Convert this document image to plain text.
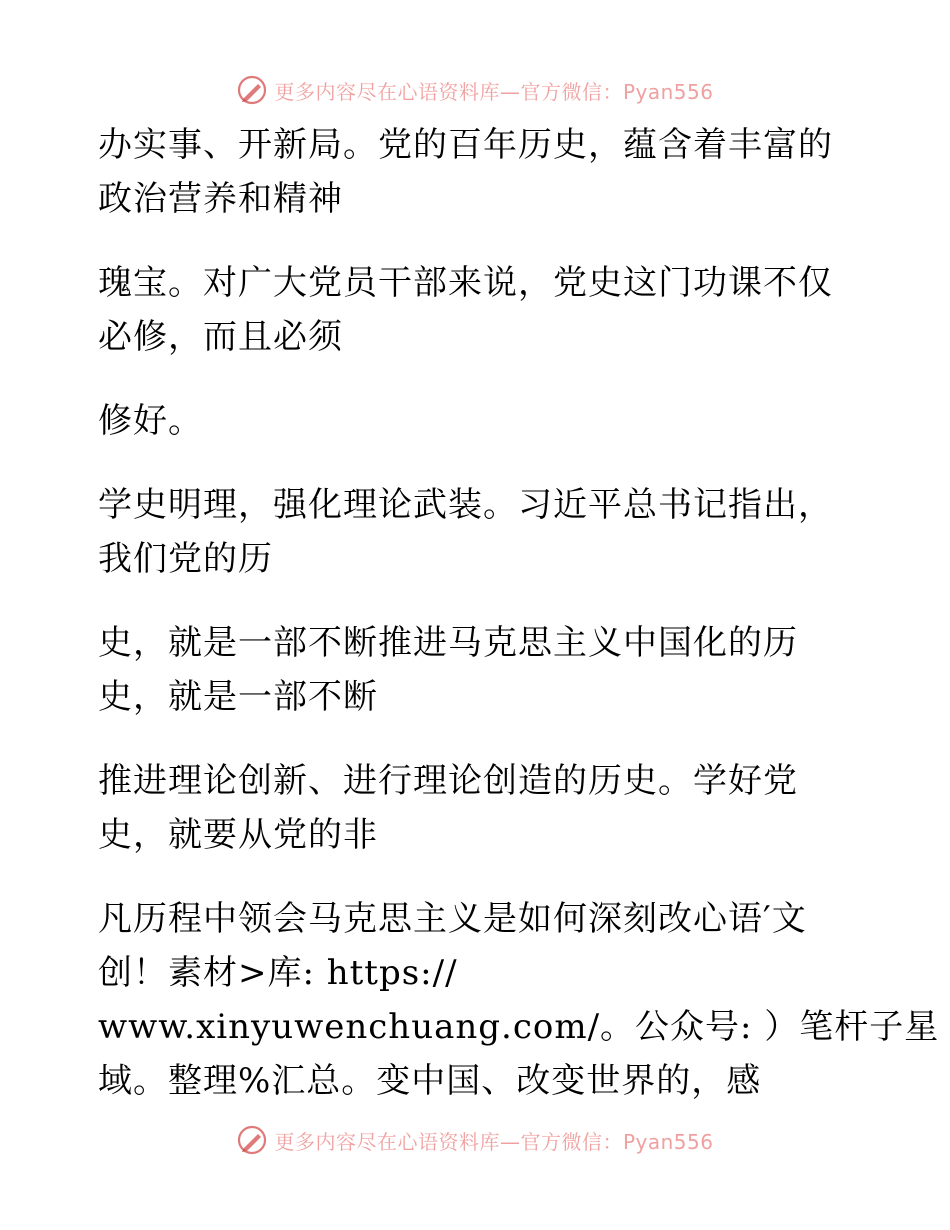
更多内容尽在心语资料库—官方微信：Pyan556
办实事、开新局。党的百年历史，蕴含着丰富的
政治营养和精神
瑰宝。对广大党员干部来说，党史这门功课不仅
必修，而且必须
修好。
学史明理，强化理论武装。习近平总书记指出，
我们党的历
史，就是一部不断推进马克思主义中国化的历
史，就是一部不断
推进理论创新、进行理论创造的历史。学好党
史，就要从党的非
凡历程中领会马克思主义是如何深刻改心语′文
创！素材>库: https://
www.xinyuwenchuang.com/。公众号: ）笔杆子星
域。整理%汇总。变中国、改变世界的，感
更多内容尽在心语资料库—官方微信：Pyan556
